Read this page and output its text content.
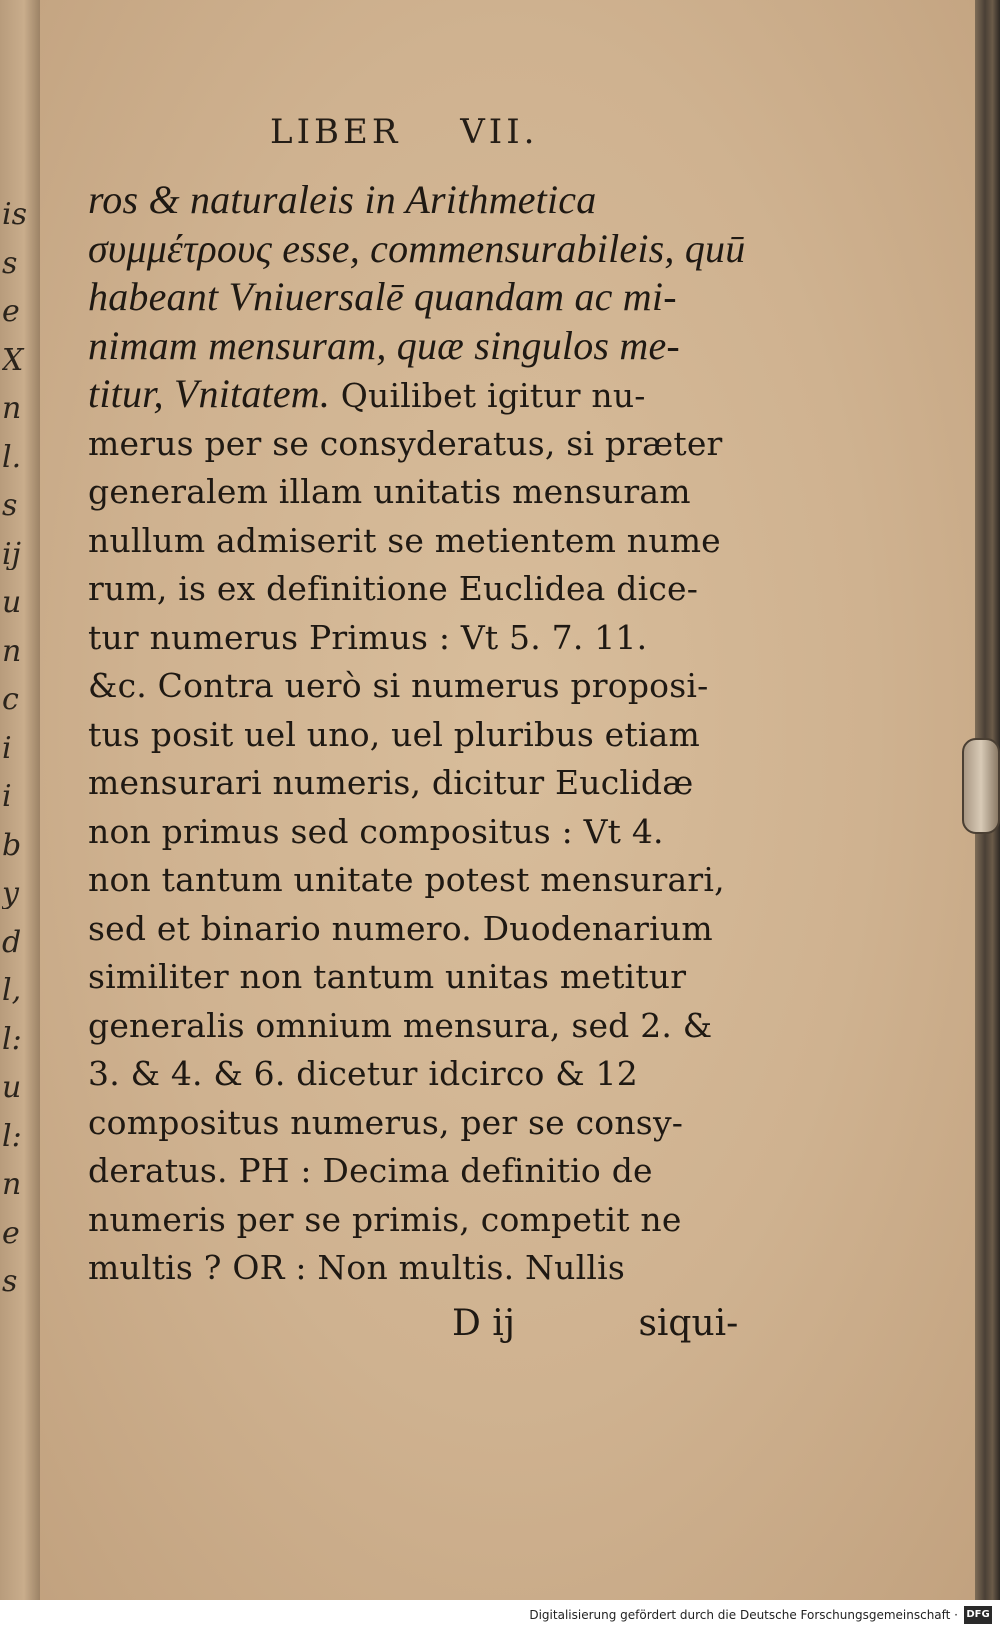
is
s
e
X
n
l.
s
ij
u
n
c
i
i
b
y
d
l,
l:
u
l:
n
e
s
LIBER VII.
ros & naturaleis in Arithmetica
συμμέτρους esse, commensurabileis, quū
habeant Vniuersalē quandam ac mi-
nimam mensuram, quæ singulos me-
titur, Vnitatem. Quilibet igitur nu-
merus per se consyderatus, si præter
generalem illam unitatis mensuram
nullum admiserit se metientem nume
rum, is ex definitione Euclidea dice-
tur numerus Primus : Vt 5. 7. 11.
&c. Contra uerò si numerus proposi-
tus posit uel uno, uel pluribus etiam
mensurari numeris, dicitur Euclidæ
non primus sed compositus : Vt 4.
non tantum unitate potest mensurari,
sed et binario numero. Duodenarium
similiter non tantum unitas metitur
generalis omnium mensura, sed 2. &
3. & 4. & 6. dicetur idcirco & 12
compositus numerus, per se consy-
deratus. PH : Decima definitio de
numeris per se primis, competit ne
multis ? OR : Non multis. Nullis
D ij	siqui-
Digitalisierung gefördert durch die Deutsche Forschungsgemeinschaft · DFG
